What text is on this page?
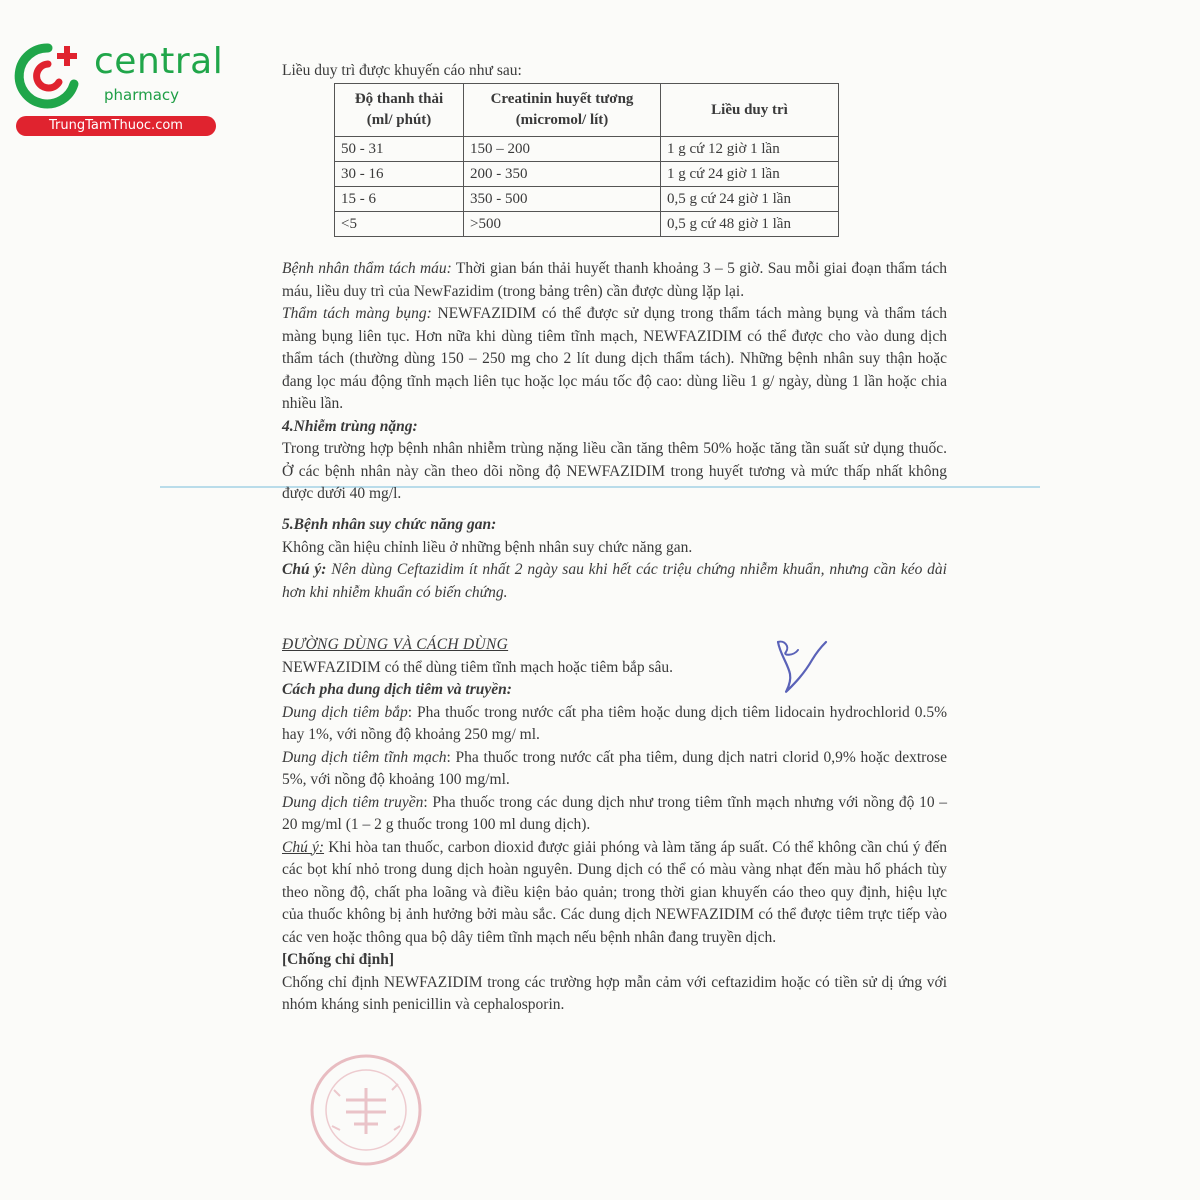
central
pharmacy
TrungTamThuoc.com
Liều duy trì được khuyến cáo như sau:
Độ thanh thải (ml/ phút)	Creatinin huyết tương (micromol/ lít)	Liều duy trì
50 - 31	150 – 200	1 g cứ 12 giờ 1 lần
30 - 16	200 - 350	1 g cứ 24 giờ 1 lần
15 - 6	350 - 500	0,5 g cứ 24 giờ 1 lần
<5	>500	0,5 g cứ 48 giờ 1 lần

Bệnh nhân thẩm tách máu: Thời gian bán thải huyết thanh khoảng 3 – 5 giờ. Sau mỗi giai đoạn thẩm tách máu, liều duy trì của NewFazidim (trong bảng trên) cần được dùng lặp lại.

Thẩm tách màng bụng: NEWFAZIDIM có thể được sử dụng trong thẩm tách màng bụng và thẩm tách màng bụng liên tục. Hơn nữa khi dùng tiêm tĩnh mạch, NEWFAZIDIM có thể được cho vào dung dịch thẩm tách (thường dùng 150 – 250 mg cho 2 lít dung dịch thẩm tách). Những bệnh nhân suy thận hoặc đang lọc máu động tĩnh mạch liên tục hoặc lọc máu tốc độ cao: dùng liều 1 g/ ngày, dùng 1 lần hoặc chia nhiều lần.

4.Nhiễm trùng nặng:

Trong trường hợp bệnh nhân nhiễm trùng nặng liều cần tăng thêm 50% hoặc tăng tần suất sử dụng thuốc. Ở các bệnh nhân này cần theo dõi nồng độ NEWFAZIDIM trong huyết tương và mức thấp nhất không được dưới 40 mg/l.

5.Bệnh nhân suy chức năng gan:

Không cần hiệu chỉnh liều ở những bệnh nhân suy chức năng gan.

Chú ý: Nên dùng Ceftazidim ít nhất 2 ngày sau khi hết các triệu chứng nhiễm khuẩn, nhưng cần kéo dài hơn khi nhiễm khuẩn có biến chứng.

ĐƯỜNG DÙNG VÀ CÁCH DÙNG

NEWFAZIDIM có thể dùng tiêm tĩnh mạch hoặc tiêm bắp sâu.

Cách pha dung dịch tiêm và truyền:

Dung dịch tiêm bắp: Pha thuốc trong nước cất pha tiêm hoặc dung dịch tiêm lidocain hydrochlorid 0.5% hay 1%, với nồng độ khoảng 250 mg/ ml.

Dung dịch tiêm tĩnh mạch: Pha thuốc trong nước cất pha tiêm, dung dịch natri clorid 0,9% hoặc dextrose 5%, với nồng độ khoảng 100 mg/ml.

Dung dịch tiêm truyền: Pha thuốc trong các dung dịch như trong tiêm tĩnh mạch nhưng với nồng độ 10 – 20 mg/ml (1 – 2 g thuốc trong 100 ml dung dịch).

Chú ý: Khi hòa tan thuốc, carbon dioxid được giải phóng và làm tăng áp suất. Có thể không cần chú ý đến các bọt khí nhỏ trong dung dịch hoàn nguyên. Dung dịch có thể có màu vàng nhạt đến màu hổ phách tùy theo nồng độ, chất pha loãng và điều kiện bảo quản; trong thời gian khuyến cáo theo quy định, hiệu lực của thuốc không bị ảnh hưởng bởi màu sắc. Các dung dịch NEWFAZIDIM có thể được tiêm trực tiếp vào các ven hoặc thông qua bộ dây tiêm tĩnh mạch nếu bệnh nhân đang truyền dịch.

[Chống chỉ định]

Chống chỉ định NEWFAZIDIM trong các trường hợp mẫn cảm với ceftazidim hoặc có tiền sử dị ứng với nhóm kháng sinh penicillin và cephalosporin.
